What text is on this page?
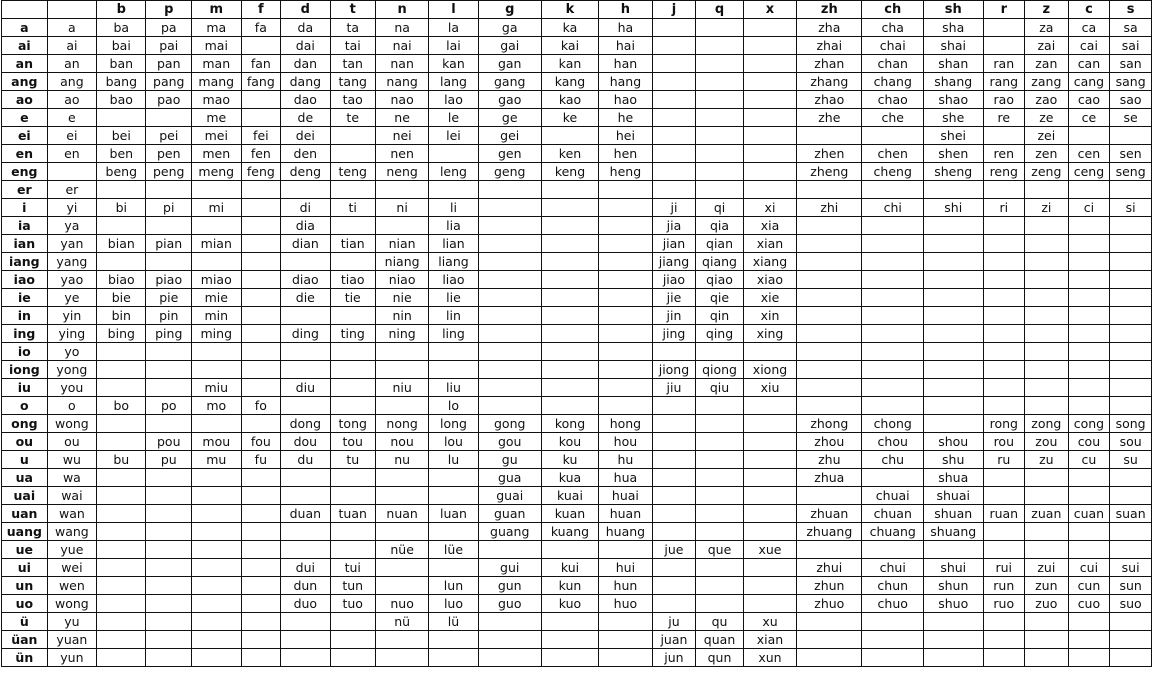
		b	p	m	f	d	t	n	l	g	k	h	j	q	x	zh	ch	sh	r	z	c	s
a	a	ba	pa	ma	fa	da	ta	na	la	ga	ka	ha				zha	cha	sha		za	ca	sa
ai	ai	bai	pai	mai		dai	tai	nai	lai	gai	kai	hai				zhai	chai	shai		zai	cai	sai
an	an	ban	pan	man	fan	dan	tan	nan	kan	gan	kan	han				zhan	chan	shan	ran	zan	can	san
ang	ang	bang	pang	mang	fang	dang	tang	nang	lang	gang	kang	hang				zhang	chang	shang	rang	zang	cang	sang
ao	ao	bao	pao	mao		dao	tao	nao	lao	gao	kao	hao				zhao	chao	shao	rao	zao	cao	sao
e	e			me		de	te	ne	le	ge	ke	he				zhe	che	she	re	ze	ce	se
ei	ei	bei	pei	mei	fei	dei		nei	lei	gei		hei						shei		zei		
en	en	ben	pen	men	fen	den		nen		gen	ken	hen				zhen	chen	shen	ren	zen	cen	sen
eng		beng	peng	meng	feng	deng	teng	neng	leng	geng	keng	heng				zheng	cheng	sheng	reng	zeng	ceng	seng
er	er																					
i	yi	bi	pi	mi		di	ti	ni	li				ji	qi	xi	zhi	chi	shi	ri	zi	ci	si
ia	ya					dia			lia				jia	qia	xia							
ian	yan	bian	pian	mian		dian	tian	nian	lian				jian	qian	xian							
iang	yang							niang	liang				jiang	qiang	xiang							
iao	yao	biao	piao	miao		diao	tiao	niao	liao				jiao	qiao	xiao							
ie	ye	bie	pie	mie		die	tie	nie	lie				jie	qie	xie							
in	yin	bin	pin	min				nin	lin				jin	qin	xin							
ing	ying	bing	ping	ming		ding	ting	ning	ling				jing	qing	xing							
io	yo																					
iong	yong												jiong	qiong	xiong							
iu	you			miu		diu		niu	liu				jiu	qiu	xiu							
o	o	bo	po	mo	fo				lo													
ong	wong					dong	tong	nong	long	gong	kong	hong				zhong	chong		rong	zong	cong	song
ou	ou		pou	mou	fou	dou	tou	nou	lou	gou	kou	hou				zhou	chou	shou	rou	zou	cou	sou
u	wu	bu	pu	mu	fu	du	tu	nu	lu	gu	ku	hu				zhu	chu	shu	ru	zu	cu	su
ua	wa									gua	kua	hua				zhua		shua				
uai	wai									guai	kuai	huai					chuai	shuai				
uan	wan					duan	tuan	nuan	luan	guan	kuan	huan				zhuan	chuan	shuan	ruan	zuan	cuan	suan
uang	wang									guang	kuang	huang				zhuang	chuang	shuang				
ue	yue							nüe	lüe				jue	que	xue							
ui	wei					dui	tui			gui	kui	hui				zhui	chui	shui	rui	zui	cui	sui
un	wen					dun	tun		lun	gun	kun	hun				zhun	chun	shun	run	zun	cun	sun
uo	wong					duo	tuo	nuo	luo	guo	kuo	huo				zhuo	chuo	shuo	ruo	zuo	cuo	suo
ü	yu							nü	lü				ju	qu	xu							
üan	yuan												juan	quan	xian							
ün	yun												jun	qun	xun							
